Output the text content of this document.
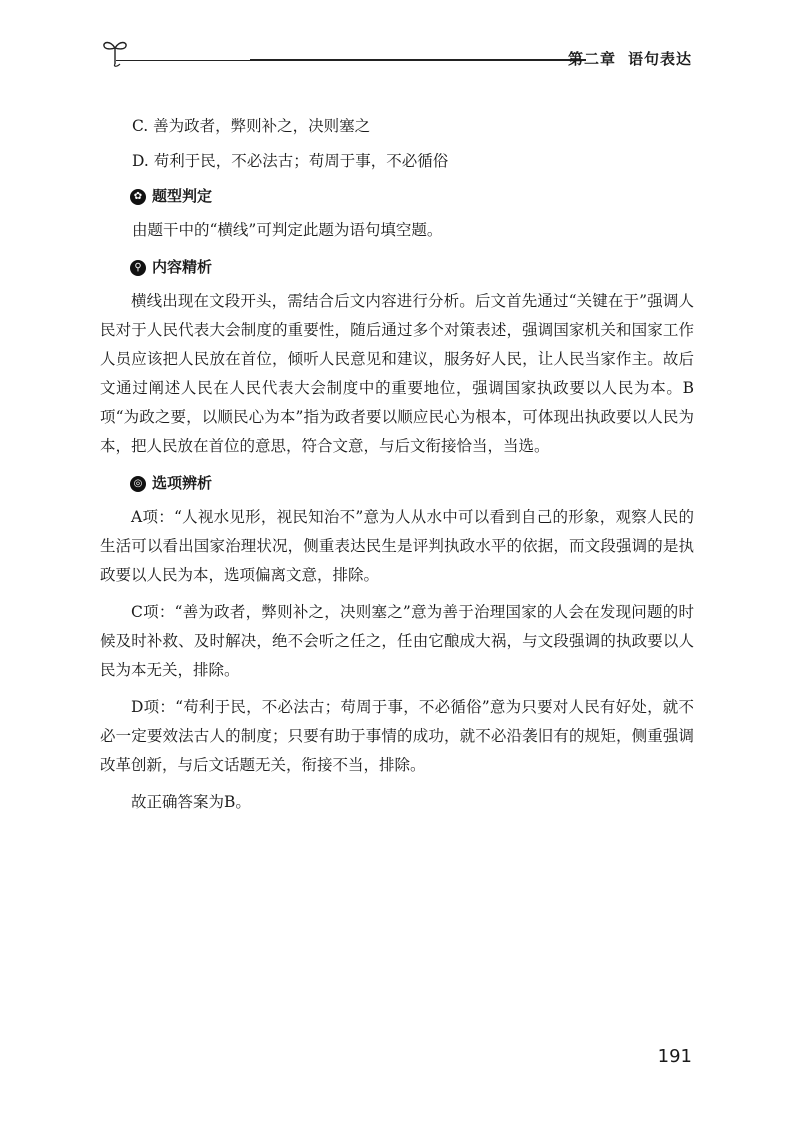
第二章 语句表达
C. 善为政者，弊则补之，决则塞之
D. 苟利于民，不必法古；苟周于事，不必循俗
✿ 题型判定

由题干中的“横线”可判定此题为语句填空题。

⚲ 内容精析

横线出现在文段开头，需结合后文内容进行分析。后文首先通过“关键在于”强调人民对于人民代表大会制度的重要性，随后通过多个对策表述，强调国家机关和国家工作人员应该把人民放在首位，倾听人民意见和建议，服务好人民，让人民当家作主。故后文通过阐述人民在人民代表大会制度中的重要地位，强调国家执政要以人民为本。B项“为政之要，以顺民心为本”指为政者要以顺应民心为根本，可体现出执政要以人民为本，把人民放在首位的意思，符合文意，与后文衔接恰当，当选。

◎ 选项辨析

A项：“人视水见形，视民知治不”意为人从水中可以看到自己的形象，观察人民的生活可以看出国家治理状况，侧重表达民生是评判执政水平的依据，而文段强调的是执政要以人民为本，选项偏离文意，排除。

C项：“善为政者，弊则补之，决则塞之”意为善于治理国家的人会在发现问题的时候及时补救、及时解决，绝不会听之任之，任由它酿成大祸，与文段强调的执政要以人民为本无关，排除。

D项：“苟利于民，不必法古；苟周于事，不必循俗”意为只要对人民有好处，就不必一定要效法古人的制度；只要有助于事情的成功，就不必沿袭旧有的规矩，侧重强调改革创新，与后文话题无关，衔接不当，排除。

故正确答案为B。

191
